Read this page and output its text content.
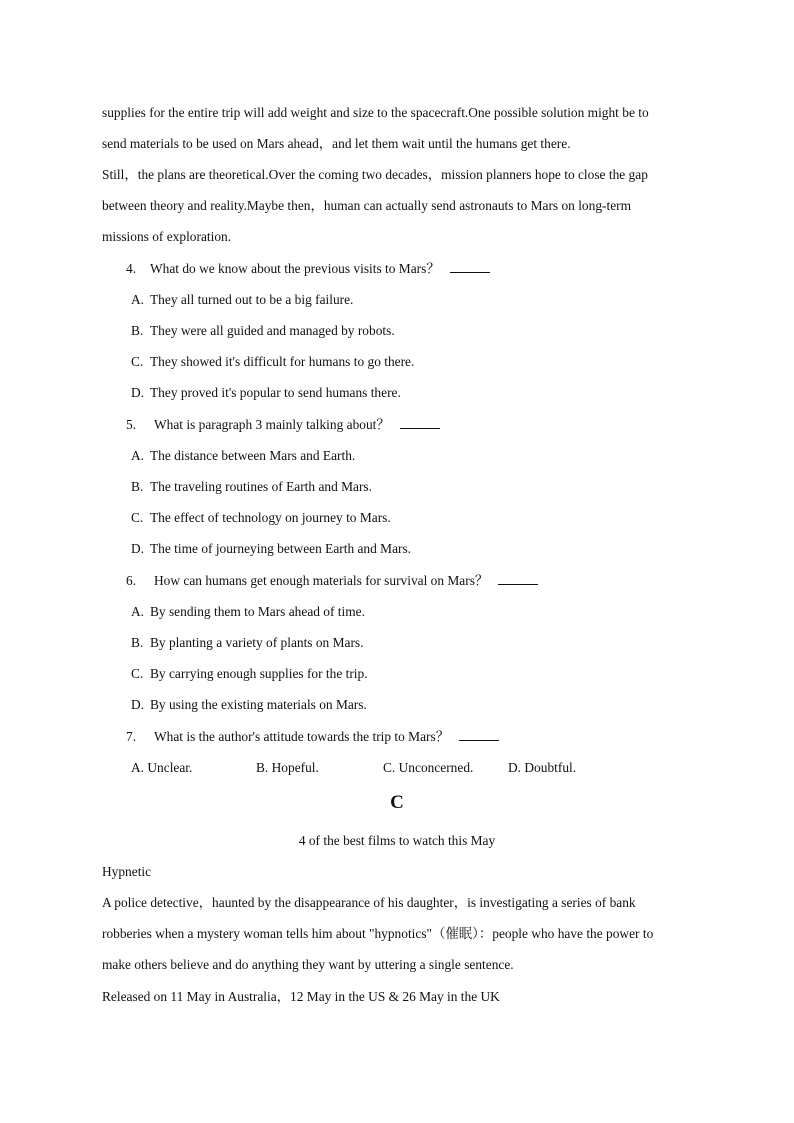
supplies for the entire trip will add weight and size to the spacecraft.One possible solution might be to
send materials to be used on Mars ahead，and let them wait until the humans get there.
Still，the plans are theoretical.Over the coming two decades，mission planners hope to close the gap
between theory and reality.Maybe then，human can actually send astronauts to Mars on long-term
missions of exploration.
4. What do we know about the previous visits to Mars？
A. They all turned out to be a big failure.
B. They were all guided and managed by robots.
C. They showed it's difficult for humans to go there.
D. They proved it's popular to send humans there.
5. What is paragraph 3 mainly talking about？
A. The distance between Mars and Earth.
B. The traveling routines of Earth and Mars.
C. The effect of technology on journey to Mars.
D. The time of journeying between Earth and Mars.
6. How can humans get enough materials for survival on Mars？
A. By sending them to Mars ahead of time.
B. By planting a variety of plants on Mars.
C. By carrying enough supplies for the trip.
D. By using the existing materials on Mars.
7. What is the author's attitude towards the trip to Mars？
A. Unclear.	B. Hopeful.	C. Unconcerned.	D. Doubtful.
C
4 of the best films to watch this May
Hypnetic
A police detective，haunted by the disappearance of his daughter，is investigating a series of bank
robberies when a mystery woman tells him about "hypnotics"（催眠）：people who have the power to
make others believe and do anything they want by uttering a single sentence.
Released on 11 May in Australia，12 May in the US & 26 May in the UK
